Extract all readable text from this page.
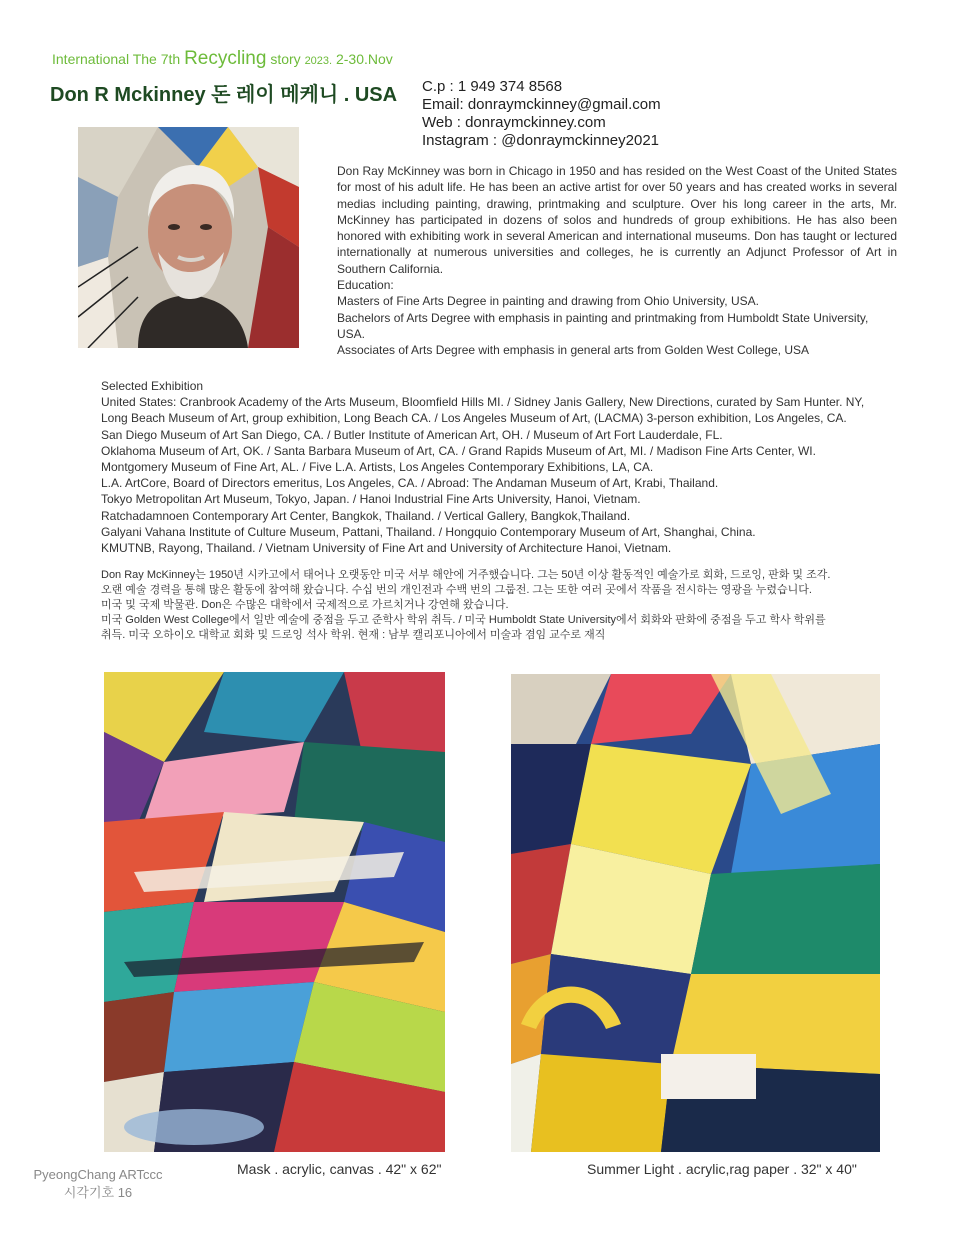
International The 7th Recycling story 2023. 2-30.Nov
Don R Mckinney 돈 레이 메케니 . USA C.p : 1 949 374 8568
Email: donraymckinney@gmail.com
Web : donraymckinney.com
Instagram : @donraymckinney2021

Don Ray McKinney was born in Chicago in 1950 and has resided on the West Coast of the United States for most of his adult life. He has been an active artist for over 50 years and has created works in several medias including painting, drawing, printmaking and sculpture. Over his long career in the arts, Mr. McKinney has participated in dozens of solos and hundreds of group exhibitions. He has also been honored with exhibiting work in several American and international museums. Don has taught or lectured internationally at numerous universities and colleges, he is currently an Adjunct Professor of Art in Southern California.

Education:

Masters of Fine Arts Degree in painting and drawing from Ohio University, USA.

Bachelors of Arts Degree with emphasis in painting and printmaking from Humboldt State University, USA.

Associates of Arts Degree with emphasis in general arts from Golden West College, USA

Selected Exhibition
United States: Cranbrook Academy of the Arts Museum, Bloomfield Hills MI. / Sidney Janis Gallery, New Directions, curated by Sam Hunter. NY,
Long Beach Museum of Art, group exhibition, Long Beach CA. / Los Angeles Museum of Art, (LACMA) 3-person exhibition, Los Angeles, CA.
San Diego Museum of Art San Diego, CA. / Butler Institute of American Art, OH. / Museum of Art Fort Lauderdale, FL.
Oklahoma Museum of Art, OK. / Santa Barbara Museum of Art, CA. / Grand Rapids Museum of Art, MI. / Madison Fine Arts Center, WI.
Montgomery Museum of Fine Art, AL. / Five L.A. Artists, Los Angeles Contemporary Exhibitions, LA, CA.
L.A. ArtCore, Board of Directors emeritus, Los Angeles, CA. / Abroad: The Andaman Museum of Art, Krabi, Thailand.
Tokyo Metropolitan Art Museum, Tokyo, Japan. / Hanoi Industrial Fine Arts University, Hanoi, Vietnam.
Ratchadamnoen Contemporary Art Center, Bangkok, Thailand. / Vertical Gallery, Bangkok,Thailand.
Galyani Vahana Institute of Culture Museum, Pattani, Thailand. / Hongquio Contemporary Museum of Art, Shanghai, China.
KMUTNB, Rayong, Thailand. / Vietnam University of Fine Art and University of Architecture Hanoi, Vietnam.
Don Ray McKinney는 1950년 시카고에서 태어나 오랫동안 미국 서부 해안에 거주했습니다. 그는 50년 이상 활동적인 예술가로 회화, 드로잉, 판화 및 조각.
오랜 예술 경력을 통해 많은 활동에 참여해 왔습니다. 수십 번의 개인전과 수백 번의 그룹전. 그는 또한 여러 곳에서 작품을 전시하는 영광을 누렸습니다.
미국 및 국제 박물관. Don은 수많은 대학에서 국제적으로 가르치거나 강연해 왔습니다.
미국 Golden West College에서 일반 예술에 중점을 두고 준학사 학위 취득. / 미국 Humboldt State University에서 회화와 판화에 중점을 두고 학사 학위를
취득. 미국 오하이오 대학교 회화 및 드로잉 석사 학위. 현재 : 남부 캘리포니아에서 미술과 겸임 교수로 재직
Mask . acrylic, canvas . 42" x 62"	Summer Light . acrylic,rag paper . 32" x 40"
PyeongChang ARTccc
시각기호 16
